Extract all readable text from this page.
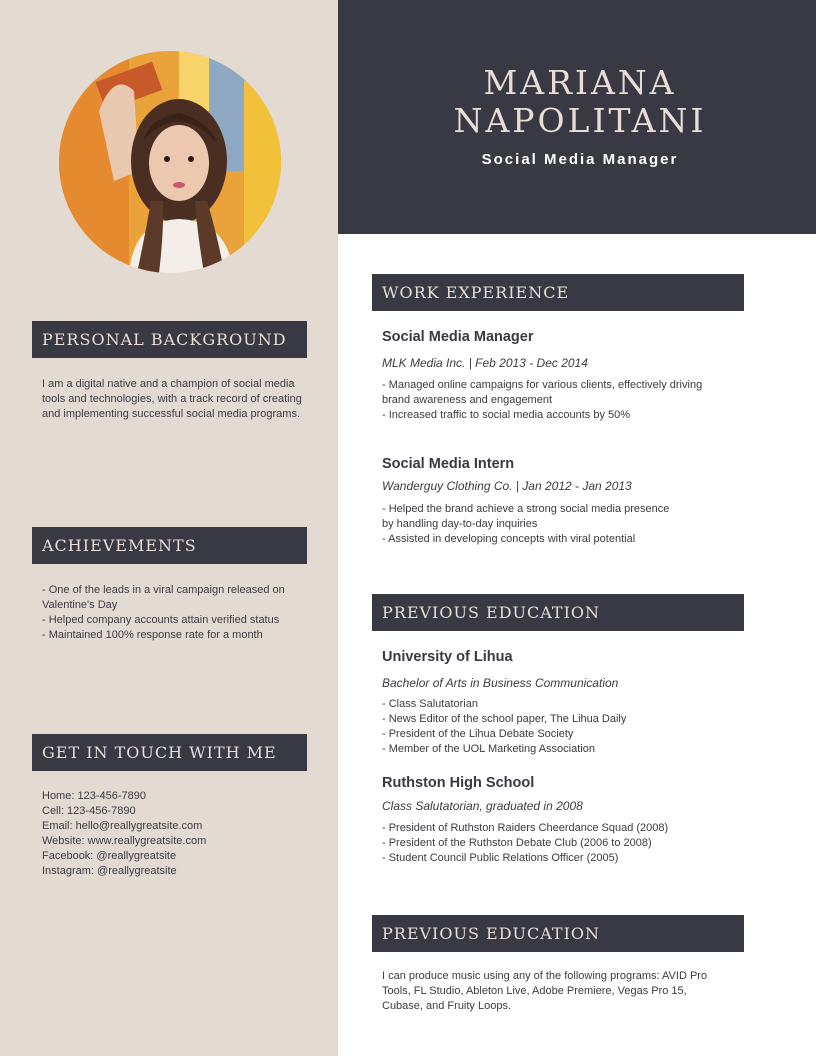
MARIANA
NAPOLITANI
Social Media Manager
PERSONAL BACKGROUND
I am a digital native and a champion of social media tools and technologies, with a track record of creating and implementing successful social media programs.
ACHIEVEMENTS
- One of the leads in a viral campaign released on
Valentine's Day
- Helped company accounts attain verified status
- Maintained 100% response rate for a month
GET IN TOUCH WITH ME
Home: 123-456-7890
Cell: 123-456-7890
Email: hello@reallygreatsite.com
Website: www.reallygreatsite.com
Facebook: @reallygreatsite
Instagram: @reallygreatsite
WORK EXPERIENCE
Social Media Manager
MLK Media Inc. | Feb 2013 - Dec 2014
- Managed online campaigns for various clients, effectively driving
brand awareness and engagement
- Increased traffic to social media accounts by 50%
Social Media Intern
Wanderguy Clothing Co. | Jan 2012 - Jan 2013
- Helped the brand achieve a strong social media presence
by handling day-to-day inquiries
- Assisted in developing concepts with viral potential
PREVIOUS EDUCATION
University of Lihua
Bachelor of Arts in Business Communication
- Class Salutatorian
- News Editor of the school paper, The Lihua Daily
- President of the Lihua Debate Society
- Member of the UOL Marketing Association
Ruthston High School
Class Salutatorian, graduated in 2008
- President of Ruthston Raiders Cheerdance Squad (2008)
- President of the Ruthston Debate Club (2006 to 2008)
- Student Council Public Relations Officer (2005)
PREVIOUS EDUCATION
I can produce music using any of the following programs: AVID Pro Tools, FL Studio, Ableton Live, Adobe Premiere, Vegas Pro 15, Cubase, and Fruity Loops.
